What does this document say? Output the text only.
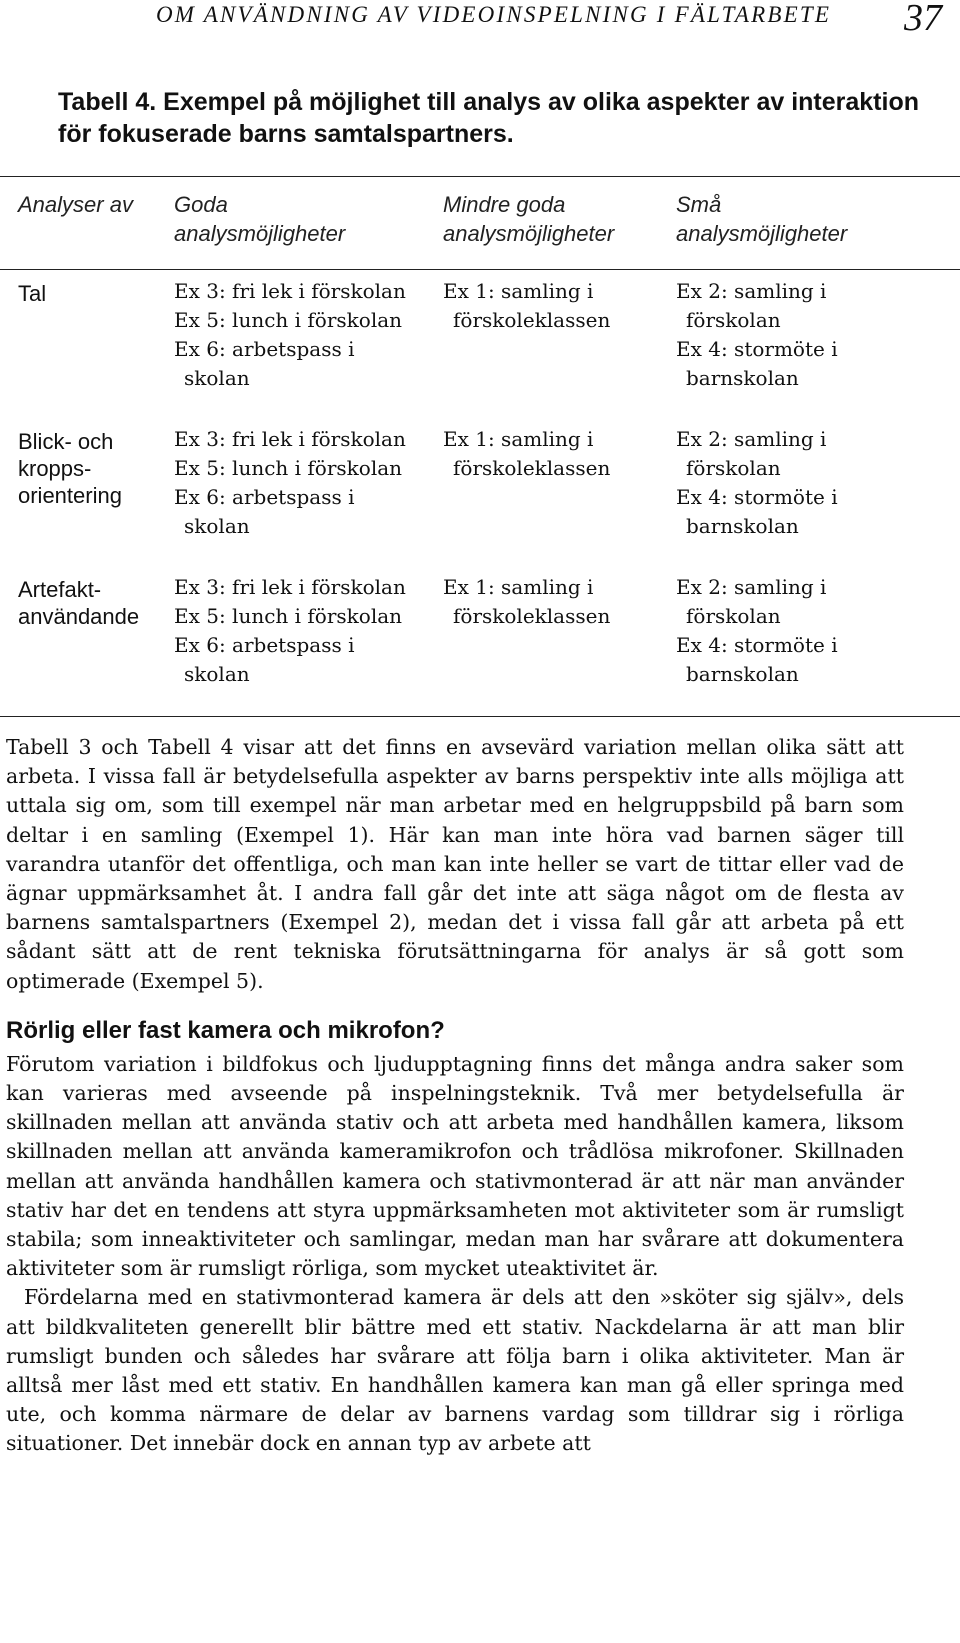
OM ANVÄNDNING AV VIDEOINSPELNING I FÄLTARBETE 37
Tabell 4. Exempel på möjlighet till analys av olika aspekter av interaktion för fokuserade barns samtalspartners.
Analyser av	Goda analysmöjligheter
Mindre goda analysmöjligheter
Små analysmöjligheter
Tal	Ex 3: fri lek i förskolan
Ex 5: lunch i förskolan
Ex 6: arbetspass i skolan
Ex 1: samling i förskoleklassen
Ex 2: samling i förskolan
Ex 4: stormöte i barnskolan
Blick- och kropps-orientering
Ex 3: fri lek i förskolan
Ex 5: lunch i förskolan
Ex 6: arbetspass i skolan
Ex 1: samling i förskoleklassen
Ex 2: samling i förskolan
Ex 4: stormöte i barnskolan
Artefakt-användande
Ex 3: fri lek i förskolan
Ex 5: lunch i förskolan
Ex 6: arbetspass i skolan
Ex 1: samling i förskoleklassen
Ex 2: samling i förskolan
Ex 4: stormöte i barnskolan

Tabell 3 och Tabell 4 visar att det finns en avsevärd variation mellan olika sätt att arbeta. I vissa fall är betydelsefulla aspekter av barns perspektiv inte alls möjliga att uttala sig om, som till exempel när man arbetar med en helgruppsbild på barn som deltar i en samling (Exempel 1). Här kan man inte höra vad barnen säger till varandra utanför det offentliga, och man kan inte heller se vart de tittar eller vad de ägnar uppmärksamhet åt. I andra fall går det inte att säga något om de flesta av barnens samtalspartners (Exempel 2), medan det i vissa fall går att arbeta på ett sådant sätt att de rent tekniska förutsättningarna för analys är så gott som optimerade (Exempel 5).

Rörlig eller fast kamera och mikrofon?

Förutom variation i bildfokus och ljudupptagning finns det många andra saker som kan varieras med avseende på inspelningsteknik. Två mer betydelsefulla är skillnaden mellan att använda stativ och att arbeta med handhållen kamera, liksom skillnaden mellan att använda kameramikrofon och trådlösa mikrofoner. Skillnaden mellan att använda handhållen kamera och stativmonterad är att när man använder stativ har det en tendens att styra uppmärksamheten mot aktiviteter som är rumsligt stabila; som inneaktiviteter och samlingar, medan man har svårare att dokumentera aktiviteter som är rumsligt rörliga, som mycket uteaktivitet är.

Fördelarna med en stativmonterad kamera är dels att den »sköter sig själv», dels att bildkvaliteten generellt blir bättre med ett stativ. Nackdelarna är att man blir rumsligt bunden och således har svårare att följa barn i olika aktiviteter. Man är alltså mer låst med ett stativ. En handhållen kamera kan man gå eller springa med ute, och komma närmare de delar av barnens vardag som tilldrar sig i rörliga situationer. Det innebär dock en annan typ av arbete att
